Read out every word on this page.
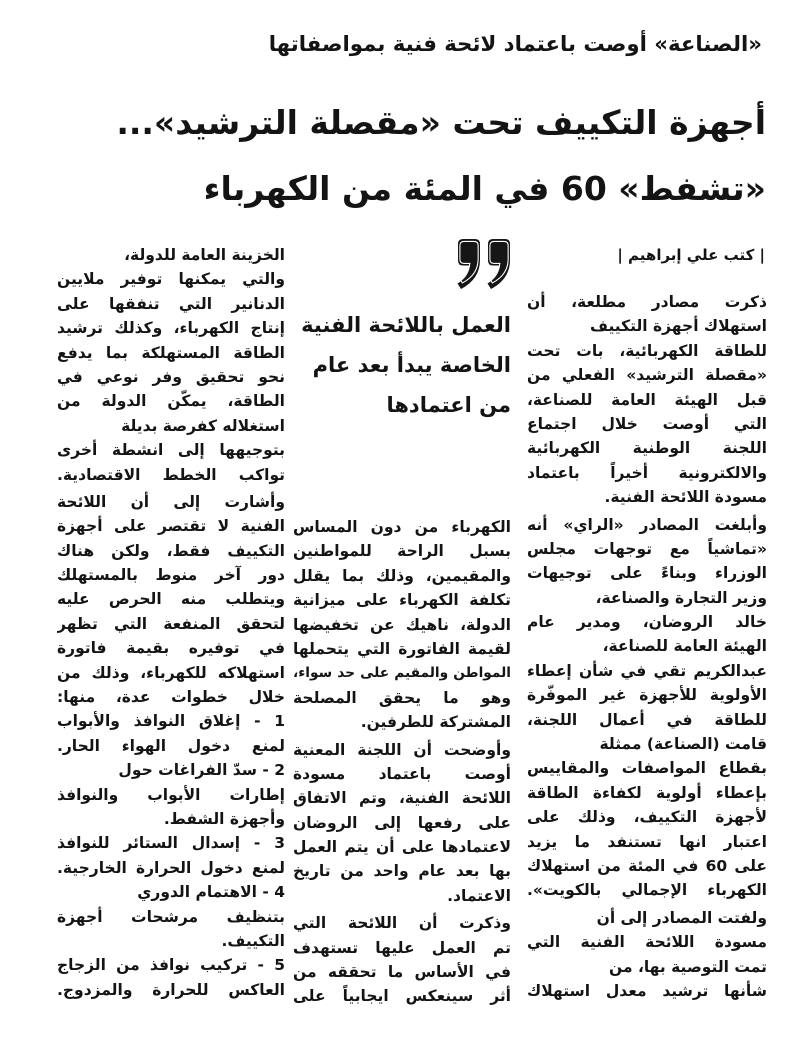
«الصناعة» أوصت باعتماد لائحة فنية بمواصفاتها
أجهزة التكييف تحت «مقصلة الترشيد»...
«تشفط» 60 في المئة من الكهرباء
| كتب علي إبراهيم |
العمل باللائحة الفنية
الخاصة يبدأ بعد عام
من اعتمادها
ذكرت مصادر مطلعة، أن
استهلاك أجهزة التكييف
للطاقة الكهربائية، بات تحت
«مقصلة الترشيد» الفعلي من
قبل الهيئة العامة للصناعة،
التي أوصت خلال اجتماع
اللجنة الوطنية الكهربائية
والالكترونية أخيراً باعتماد
مسودة اللائحة الفنية.
وأبلغت المصادر «الراي» أنه
«تماشياً مع توجهات مجلس
الوزراء وبناءً على توجيهات
وزير التجارة والصناعة،
خالد الروضان، ومدير عام
الهيئة العامة للصناعة،
عبدالكريم تقي في شأن إعطاء
الأولوية للأجهزة غير الموفّرة
للطاقة في أعمال اللجنة،
قامت (الصناعة) ممثلة
بقطاع المواصفات والمقاييس
بإعطاء أولوية لكفاءة الطاقة
لأجهزة التكييف، وذلك على
اعتبار انها تستنفد ما يزيد
على 60 في المئة من استهلاك
الكهرباء الإجمالي بالكويت».
ولفتت المصادر إلى أن
مسودة اللائحة الفنية التي
تمت التوصية بها، من
شأنها ترشيد معدل استهلاك
الكهرباء من دون المساس
بسبل الراحة للمواطنين
والمقيمين، وذلك بما يقلل
تكلفة الكهرباء على ميزانية
الدولة، ناهيك عن تخفيضها
لقيمة الفاتورة التي يتحملها
المواطن والمقيم على حد سواء،
وهو ما يحقق المصلحة
المشتركة للطرفين.
وأوضحت أن اللجنة المعنية
أوصت باعتماد مسودة
اللائحة الفنية، وتم الاتفاق
على رفعها إلى الروضان
لاعتمادها على أن يتم العمل
بها بعد عام واحد من تاريخ
الاعتماد.
وذكرت أن اللائحة التي
تم العمل عليها تستهدف
في الأساس ما تحققه من
أثر سينعكس ايجابياً على
الخزينة العامة للدولة،
والتي يمكنها توفير ملايين
الدنانير التي تنفقها على
إنتاج الكهرباء، وكذلك ترشيد
الطاقة المستهلكة بما يدفع
نحو تحقيق وفر نوعي في
الطاقة، يمكّن الدولة من
استغلاله كفرصة بديلة
بتوجيهها إلى انشطة أخرى
تواكب الخطط الاقتصادية.
وأشارت إلى أن اللائحة
الفنية لا تقتصر على أجهزة
التكييف فقط، ولكن هناك
دور آخر منوط بالمستهلك
ويتطلب منه الحرص عليه
لتحقق المنفعة التي تظهر
في توفيره بقيمة فاتورة
استهلاكه للكهرباء، وذلك من
خلال خطوات عدة، منها:
1 - إغلاق النوافذ والأبواب
لمنع دخول الهواء الحار.
2 - سدّ الفراغات حول
إطارات الأبواب والنوافذ
وأجهزة الشفط.
3 - إسدال الستائر للنوافذ
لمنع دخول الحرارة الخارجية.
4 - الاهتمام الدوري
بتنظيف مرشحات أجهزة
التكييف.
5 - تركيب نوافذ من الزجاج
العاكس للحرارة والمزدوج.
